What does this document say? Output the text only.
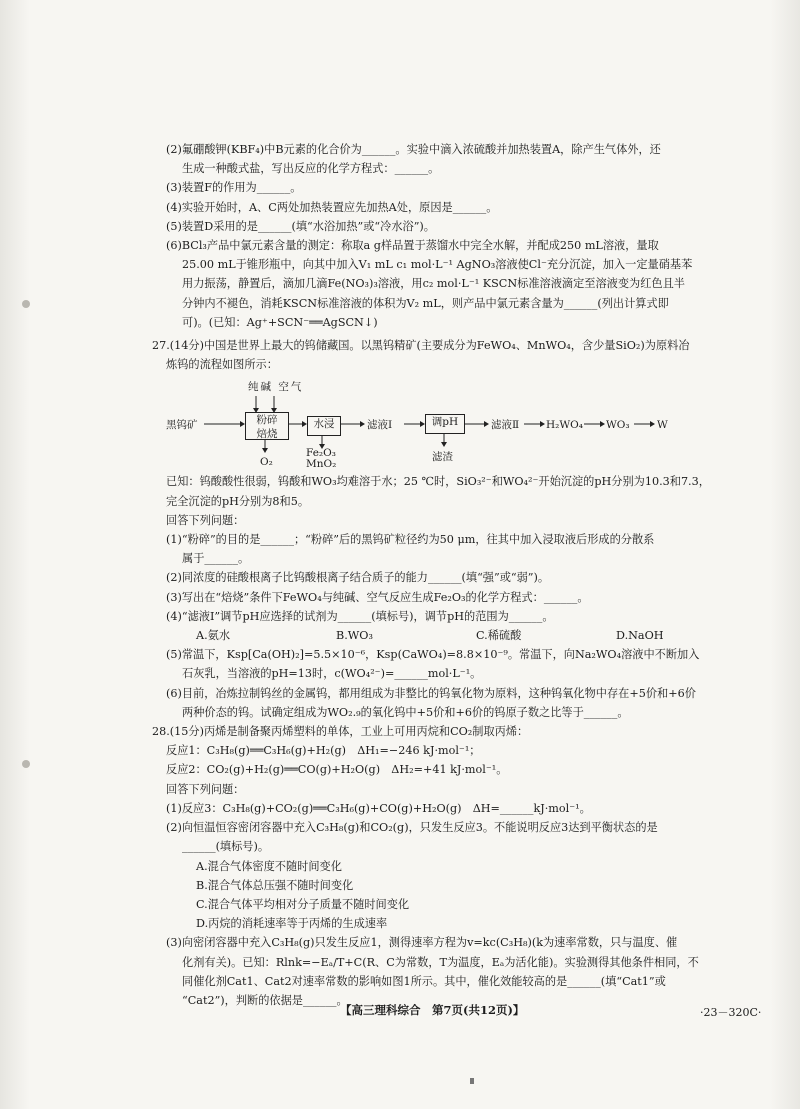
(2)氟硼酸钾(KBF₄)中B元素的化合价为______。实验中滴入浓硫酸并加热装置A，除产生气体外，还
生成一种酸式盐，写出反应的化学方程式：______。
(3)装置F的作用为______。
(4)实验开始时，A、C两处加热装置应先加热A处，原因是______。
(5)装置D采用的是______(填“水浴加热”或“冷水浴”)。
(6)BCl₃产品中氯元素含量的测定：称取a g样品置于蒸馏水中完全水解，并配成250 mL溶液，量取
25.00 mL于锥形瓶中，向其中加入V₁ mL c₁ mol·L⁻¹ AgNO₃溶液使Cl⁻充分沉淀，加入一定量硝基苯
用力振荡，静置后，滴加几滴Fe(NO₃)₃溶液，用c₂ mol·L⁻¹ KSCN标准溶液滴定至溶液变为红色且半
分钟内不褪色，消耗KSCN标准溶液的体积为V₂ mL，则产品中氯元素含量为______(列出计算式即
可)。(已知：Ag⁺+SCN⁻══AgSCN↓)
27.(14分)中国是世界上最大的钨储藏国。以黑钨精矿(主要成分为FeWO₄、MnWO₄，含少量SiO₂)为原料冶
炼钨的流程如图所示：
纯碱 空气
黑钨矿	粉碎
焙烧
O₂
水浸
Fe₂O₃ MnO₂
滤液Ⅰ	调pH
滤渣
滤液Ⅱ	H₂WO₄ WO₃	W
已知：钨酸酸性很弱，钨酸和WO₃均难溶于水；25 ℃时，SiO₃²⁻和WO₄²⁻开始沉淀的pH分别为10.3和7.3，
完全沉淀的pH分别为8和5。
回答下列问题：
(1)“粉碎”的目的是______；“粉碎”后的黑钨矿粒径约为50 μm，往其中加入浸取液后形成的分散系
属于______。
(2)同浓度的硅酸根离子比钨酸根离子结合质子的能力______(填“强”或“弱”)。
(3)写出在“焙烧”条件下FeWO₄与纯碱、空气反应生成Fe₂O₃的化学方程式：______。
(4)“滤液Ⅰ”调节pH应选择的试剂为______(填标号)，调节pH的范围为______。
A.氨水	B.WO₃	C.稀硫酸	D.NaOH
(5)常温下，Ksp[Ca(OH)₂]=5.5×10⁻⁶，Ksp(CaWO₄)=8.8×10⁻⁹。常温下，向Na₂WO₄溶液中不断加入
石灰乳，当溶液的pH=13时，c(WO₄²⁻)=______mol·L⁻¹。
(6)目前，冶炼拉制钨丝的金属钨，都用组成为非整比的钨氧化物为原料，这种钨氧化物中存在+5价和+6价
两种价态的钨。试确定组成为WO₂.₉的氧化钨中+5价和+6价的钨原子数之比等于______。
28.(15分)丙烯是制备聚丙烯塑料的单体，工业上可用丙烷和CO₂制取丙烯：
反应1：C₃H₈(g)══C₃H₆(g)+H₂(g)　ΔH₁=−246 kJ·mol⁻¹；
反应2：CO₂(g)+H₂(g)══CO(g)+H₂O(g)　ΔH₂=+41 kJ·mol⁻¹。
回答下列问题：
(1)反应3：C₃H₈(g)+CO₂(g)══C₃H₆(g)+CO(g)+H₂O(g)　ΔH=______kJ·mol⁻¹。
(2)向恒温恒容密闭容器中充入C₃H₈(g)和CO₂(g)，只发生反应3。不能说明反应3达到平衡状态的是
______(填标号)。
A.混合气体密度不随时间变化
B.混合气体总压强不随时间变化
C.混合气体平均相对分子质量不随时间变化
D.丙烷的消耗速率等于丙烯的生成速率
(3)向密闭容器中充入C₃H₈(g)只发生反应1，测得速率方程为v=kc(C₃H₈)(k为速率常数，只与温度、催
化剂有关)。已知：Rlnk=−Eₐ/T+C(R、C为常数，T为温度，Eₐ为活化能)。实验测得其他条件相同，不
同催化剂Cat1、Cat2对速率常数的影响如图1所示。其中，催化效能较高的是______(填“Cat1”或
“Cat2”)，判断的依据是______。
【高三理科综合　第7页(共12页)】	·23－320C·
